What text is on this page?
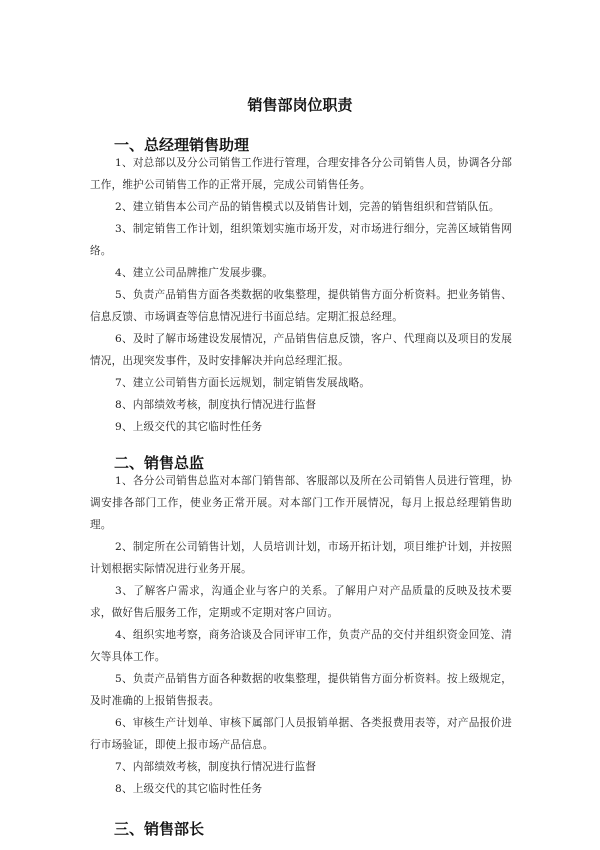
销售部岗位职责
一、总经理销售助理

1、对总部以及分公司销售工作进行管理，合理安排各分公司销售人员，协调各分部工作，维护公司销售工作的正常开展，完成公司销售任务。

2、建立销售本公司产品的销售模式以及销售计划，完善的销售组织和营销队伍。

3、制定销售工作计划，组织策划实施市场开发，对市场进行细分，完善区域销售网络。

4、建立公司品牌推广发展步骤。

5、负责产品销售方面各类数据的收集整理，提供销售方面分析资料。把业务销售、信息反馈、市场调查等信息情况进行书面总结。定期汇报总经理。

6、及时了解市场建设发展情况，产品销售信息反馈，客户、代理商以及项目的发展情况，出现突发事件，及时安排解决并向总经理汇报。

7、建立公司销售方面长远规划，制定销售发展战略。

8、内部绩效考核，制度执行情况进行监督

9、上级交代的其它临时性任务

二、销售总监

1、各分公司销售总监对本部门销售部、客服部以及所在公司销售人员进行管理，协调安排各部门工作，使业务正常开展。对本部门工作开展情况，每月上报总经理销售助理。

2、制定所在公司销售计划，人员培训计划，市场开拓计划，项目维护计划，并按照计划根据实际情况进行业务开展。

3、了解客户需求，沟通企业与客户的关系。了解用户对产品质量的反映及技术要求，做好售后服务工作，定期或不定期对客户回访。

4、组织实地考察，商务洽谈及合同评审工作，负责产品的交付并组织资金回笼、清欠等具体工作。

5、负责产品销售方面各种数据的收集整理，提供销售方面分析资料。按上级规定，及时准确的上报销售报表。

6、审核生产计划单、审核下属部门人员报销单据、各类报费用表等，对产品报价进行市场验证，即使上报市场产品信息。

7、内部绩效考核，制度执行情况进行监督

8、上级交代的其它临时性任务

三、销售部长
